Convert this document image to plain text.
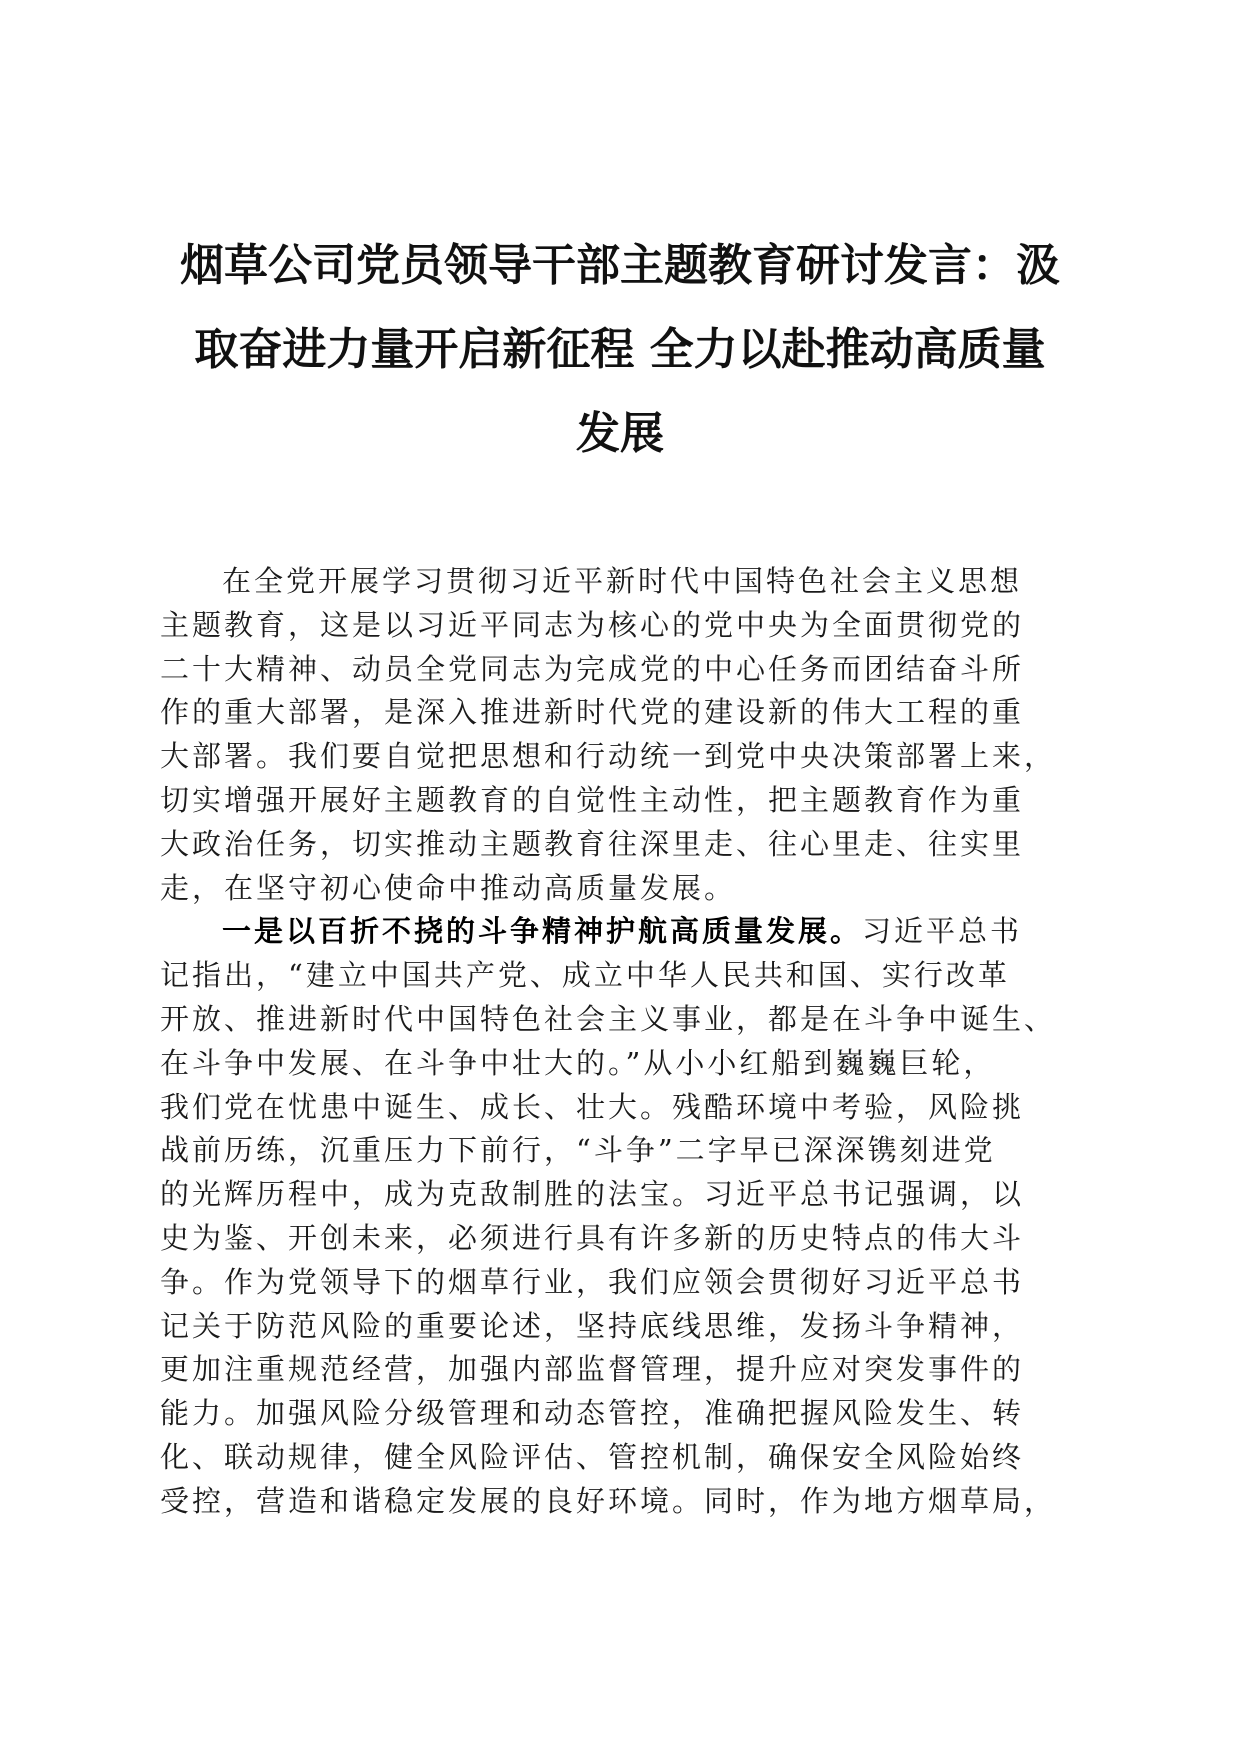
烟草公司党员领导干部主题教育研讨发言：汲
取奋进力量开启新征程 全力以赴推动高质量
发展
在全党开展学习贯彻习近平新时代中国特色社会主义思想
主题教育，这是以习近平同志为核心的党中央为全面贯彻党的
二十大精神、动员全党同志为完成党的中心任务而团结奋斗所
作的重大部署，是深入推进新时代党的建设新的伟大工程的重
大部署。我们要自觉把思想和行动统一到党中央决策部署上来，
切实增强开展好主题教育的自觉性主动性，把主题教育作为重
大政治任务，切实推动主题教育往深里走、往心里走、往实里
走，在坚守初心使命中推动高质量发展。
一是以百折不挠的斗争精神护航高质量发展。习近平总书
记指出，“建立中国共产党、成立中华人民共和国、实行改革
开放、推进新时代中国特色社会主义事业，都是在斗争中诞生、
在斗争中发展、在斗争中壮大的。”从小小红船到巍巍巨轮，
我们党在忧患中诞生、成长、壮大。残酷环境中考验，风险挑
战前历练，沉重压力下前行，“斗争”二字早已深深镌刻进党
的光辉历程中，成为克敌制胜的法宝。习近平总书记强调，以
史为鉴、开创未来，必须进行具有许多新的历史特点的伟大斗
争。作为党领导下的烟草行业，我们应领会贯彻好习近平总书
记关于防范风险的重要论述，坚持底线思维，发扬斗争精神，
更加注重规范经营，加强内部监督管理，提升应对突发事件的
能力。加强风险分级管理和动态管控，准确把握风险发生、转
化、联动规律，健全风险评估、管控机制，确保安全风险始终
受控，营造和谐稳定发展的良好环境。同时，作为地方烟草局，
